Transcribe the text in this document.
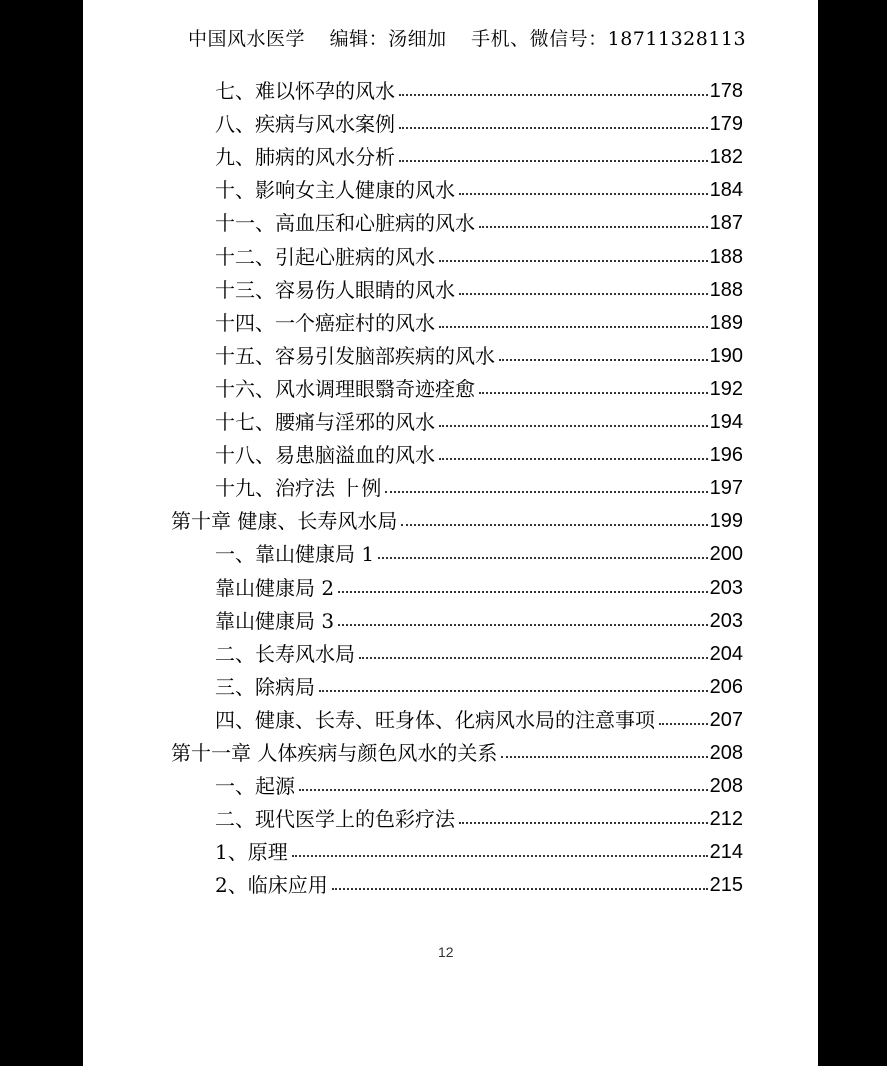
中国风水医学 编辑：汤细加 手机、微信号：18711328113
七、难以怀孕的风水	178
八、疾病与风水案例	179
九、肺病的风水分析	182
十、影响女主人健康的风水	184
十一、高血压和心脏病的风水	187
十二、引起心脏病的风水	188
十三、容易伤人眼睛的风水	188
十四、一个癌症村的风水	189
十五、容易引发脑部疾病的风水	190
十六、风水调理眼翳奇迹痊愈	192
十七、腰痛与淫邪的风水	194
十八、易患脑溢血的风水	196
十九、治疗法 ⺊例	197
第十章 健康、长寿风水局	199
一、靠山健康局 1	200
靠山健康局 2	203
靠山健康局 3	203
二、长寿风水局	204
三、除病局	206
四、健康、长寿、旺身体、化病风水局的注意事项	207
第十一章 人体疾病与颜色风水的关系	208
一、起源	208
二、现代医学上的色彩疗法	212
1、原理	214
2、临床应用	215
12
